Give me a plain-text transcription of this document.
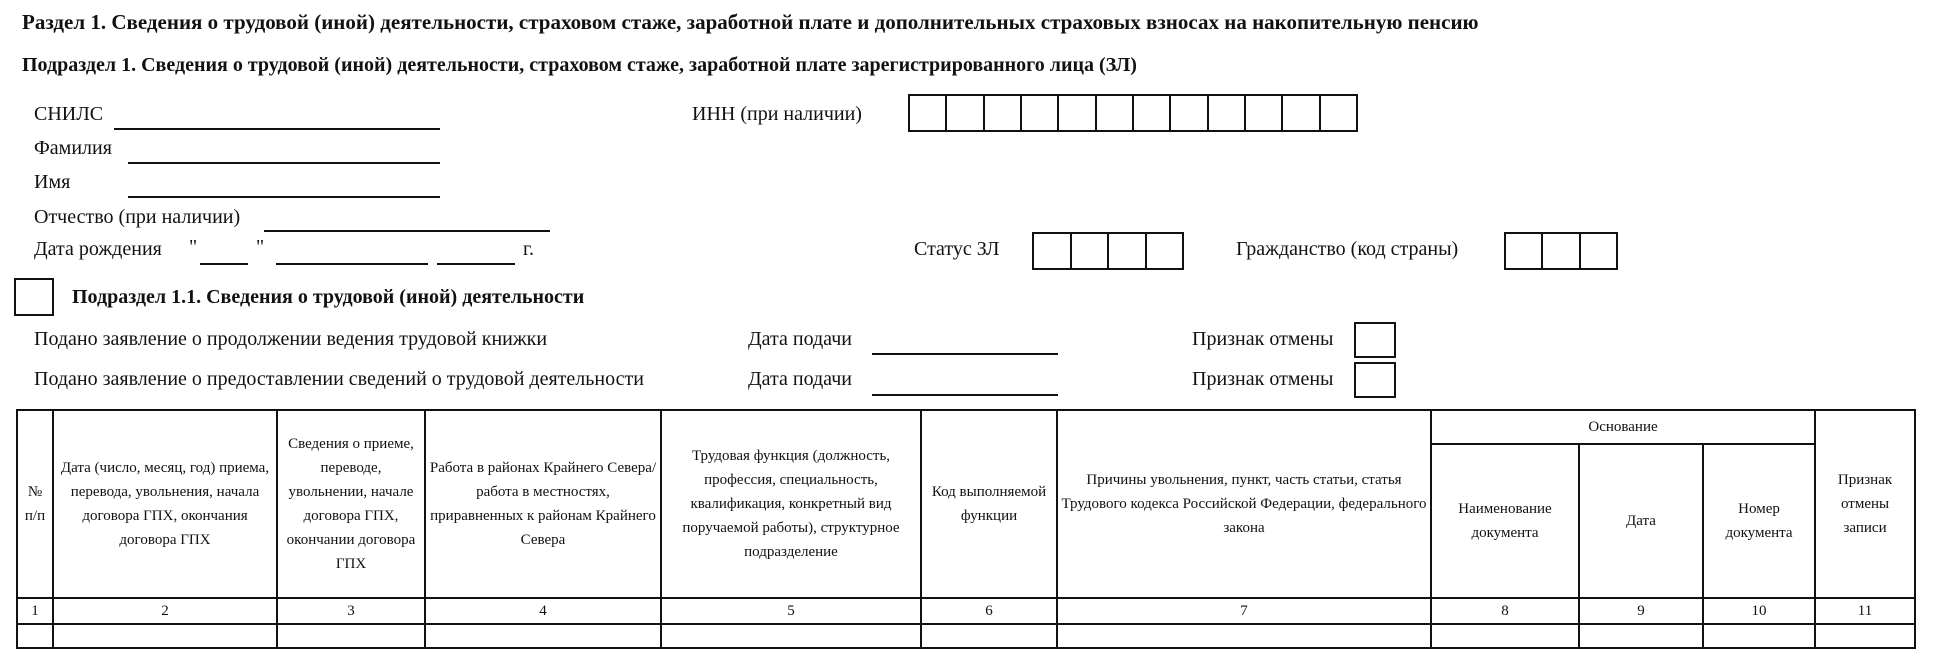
Раздел 1. Сведения о трудовой (иной) деятельности, страховом стаже, заработной плате и дополнительных страховых взносах на накопительную пенсию
Подраздел 1. Сведения о трудовой (иной) деятельности, страховом стаже, заработной плате зарегистрированного лица (ЗЛ)
СНИЛС	ИНН (при наличии)
Фамилия
Имя
Отчество (при наличии)
Дата рождения "	"	г.	Статус ЗЛ	Гражданство (код страны)
Подраздел 1.1. Сведения о трудовой (иной) деятельности
Подано заявление о продолжении ведения трудовой книжки	Дата подачи	Признак отмены
Подано заявление о предоставлении сведений о трудовой деятельности	Дата подачи	Признак отмены
№ п/п	Дата (число, месяц, год) приема, перевода, увольнения, начала договора ГПХ, окончания договора ГПХ	Сведения о приеме, переводе, увольнении, начале договора ГПХ, окончании договора ГПХ	Работа в районах Крайнего Севера/работа в местностях, приравненных к районам Крайнего Севера	Трудовая функция (должность, профессия, специальность, квалификация, конкретный вид поручаемой работы), структурное подразделение	Код выполняемой функции	Причины увольнения, пункт, часть статьи, статья Трудового кодекса Российской Федерации, федерального закона	Основание			Признак отмены записи
							Наименование документа	Дата	Номер документа	
1	2	3	4	5	6	7	8	9	10	11
